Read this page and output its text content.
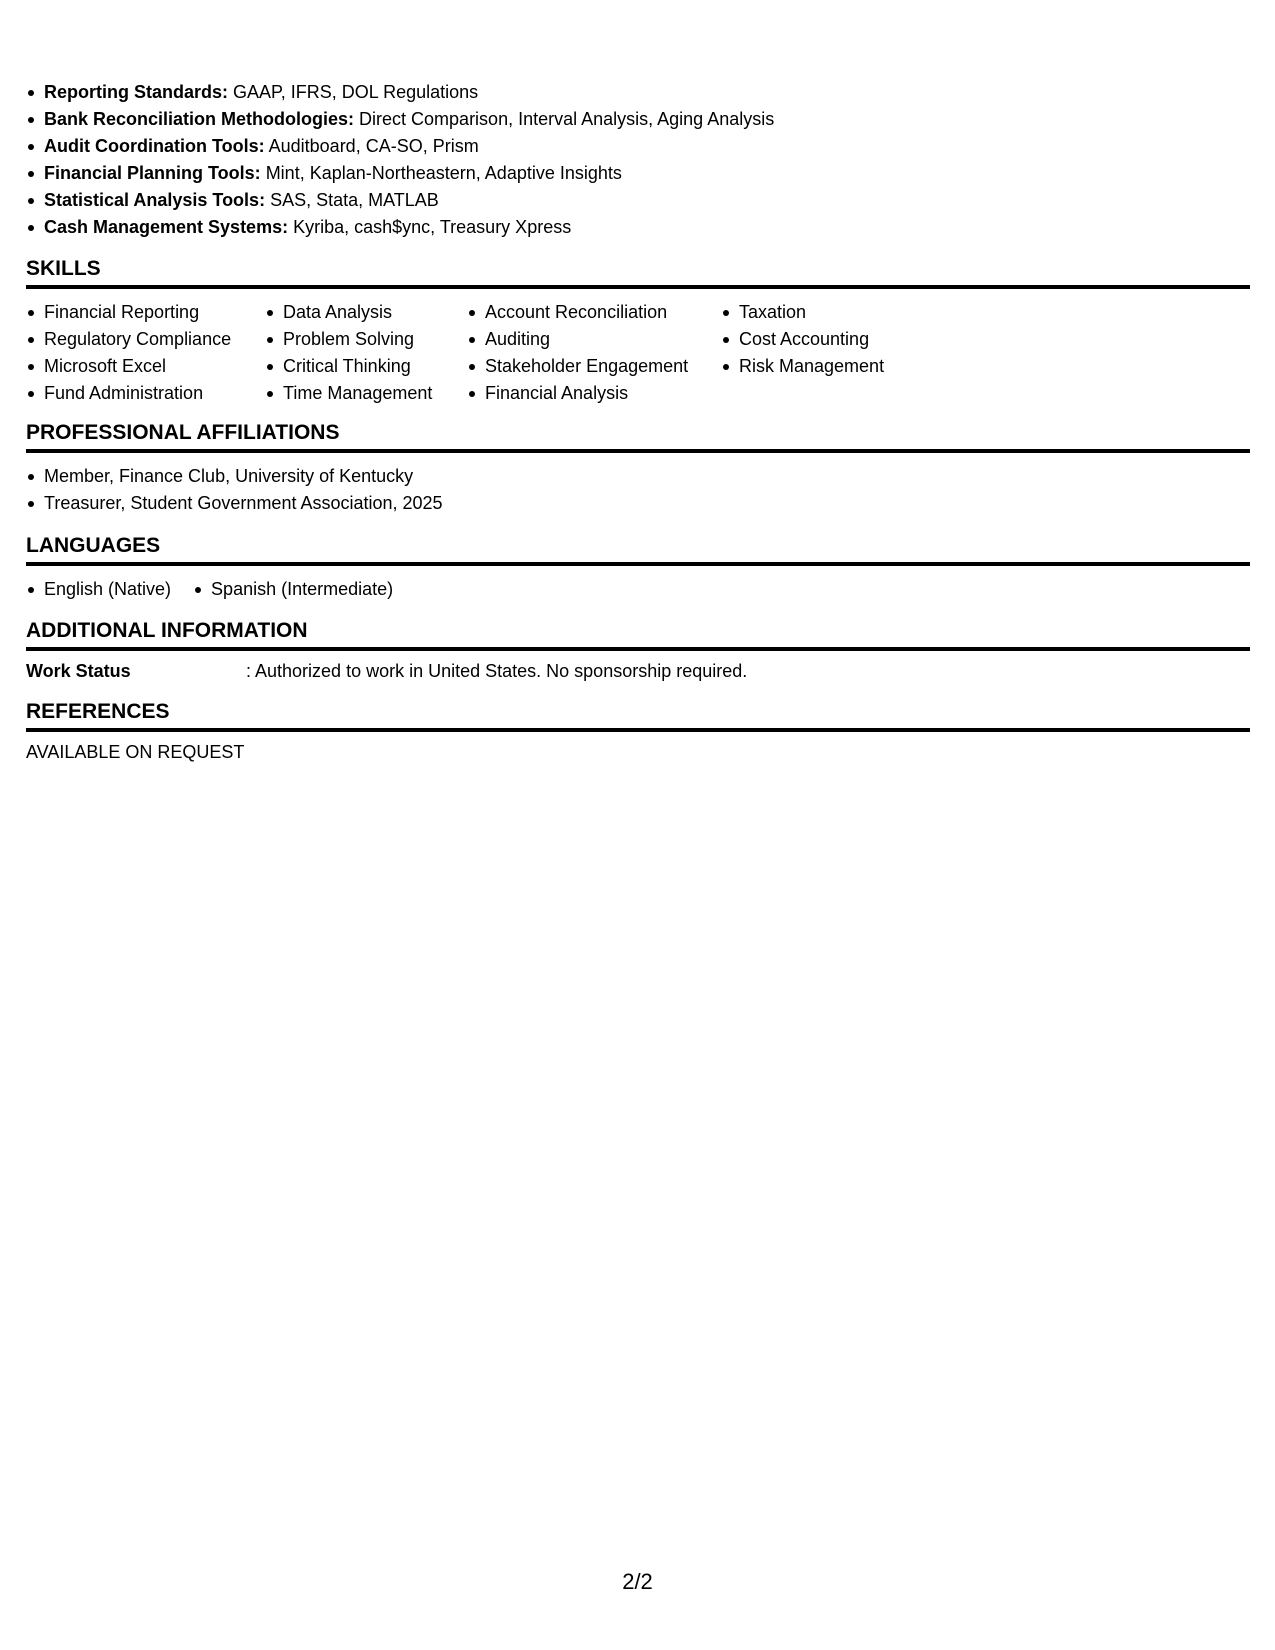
Reporting Standards: GAAP, IFRS, DOL Regulations
Bank Reconciliation Methodologies: Direct Comparison, Interval Analysis, Aging Analysis
Audit Coordination Tools: Auditboard, CA-SO, Prism
Financial Planning Tools: Mint, Kaplan-Northeastern, Adaptive Insights
Statistical Analysis Tools: SAS, Stata, MATLAB
Cash Management Systems: Kyriba, cash$ync, Treasury Xpress
SKILLS
Financial Reporting
Regulatory Compliance
Microsoft Excel
Fund Administration
Data Analysis
Problem Solving
Critical Thinking
Time Management
Account Reconciliation
Auditing
Stakeholder Engagement
Financial Analysis
Taxation
Cost Accounting
Risk Management
PROFESSIONAL AFFILIATIONS
Member, Finance Club, University of Kentucky
Treasurer, Student Government Association, 2025
LANGUAGES
English (Native)	Spanish (Intermediate)
ADDITIONAL INFORMATION
Work Status	: Authorized to work in United States. No sponsorship required.
REFERENCES
AVAILABLE ON REQUEST
2/2
